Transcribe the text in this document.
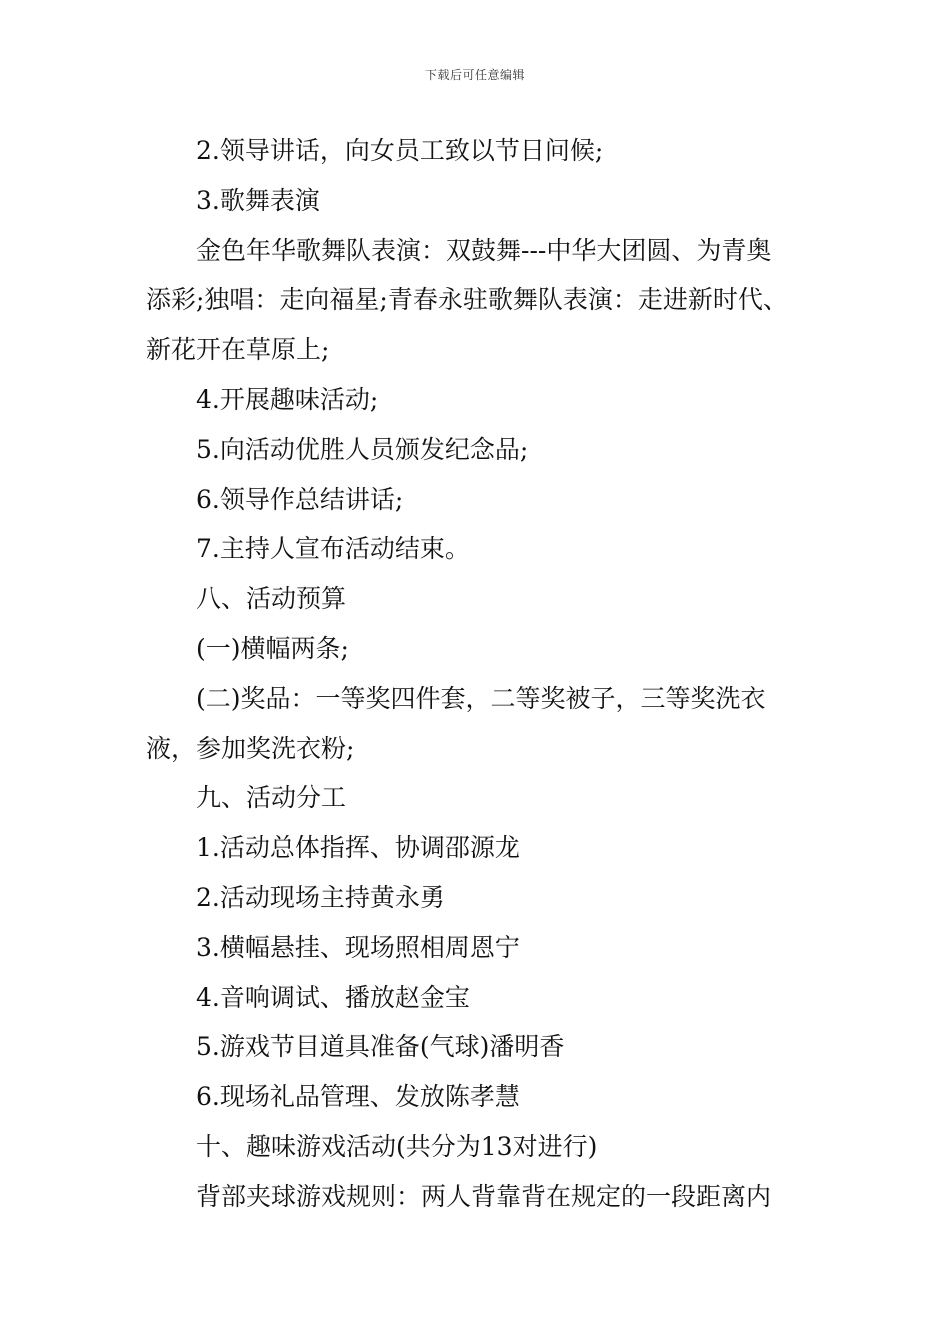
下载后可任意编辑

2.领导讲话，向女员工致以节日问候;

3.歌舞表演

金色年华歌舞队表演：双鼓舞---中华大团圆、为青奥

添彩;独唱：走向福星;青春永驻歌舞队表演：走进新时代、

新花开在草原上;

4.开展趣味活动;

5.向活动优胜人员颁发纪念品;

6.领导作总结讲话;

7.主持人宣布活动结束。

八、活动预算

(一)横幅两条;

(二)奖品：一等奖四件套，二等奖被子，三等奖洗衣

液，参加奖洗衣粉;

九、活动分工

1.活动总体指挥、协调邵源龙

2.活动现场主持黄永勇

3.横幅悬挂、现场照相周恩宁

4.音响调试、播放赵金宝

5.游戏节目道具准备(气球)潘明香

6.现场礼品管理、发放陈孝慧

十、趣味游戏活动(共分为13对进行)

背部夹球游戏规则：两人背靠背在规定的一段距离内
